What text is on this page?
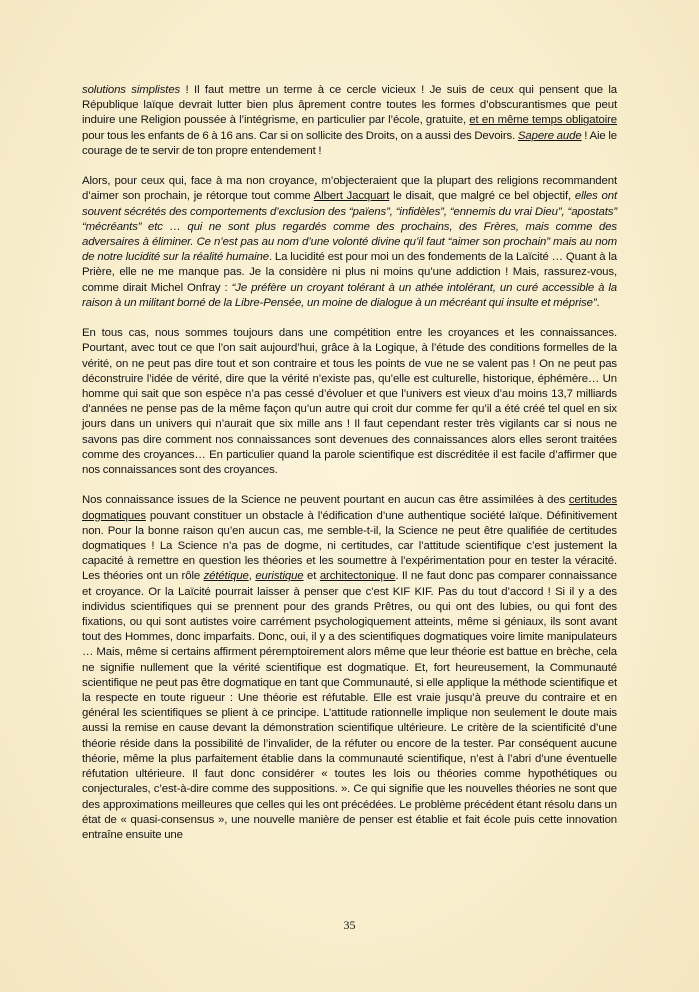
solutions simplistes ! Il faut mettre un terme à ce cercle vicieux ! Je suis de ceux qui pensent que la République laïque devrait lutter bien plus âprement contre toutes les formes d’obscurantismes que peut induire une Religion poussée à l’intégrisme, en particulier par l’école, gratuite, et en même temps obligatoire pour tous les enfants de 6 à 16 ans. Car si on sollicite des Droits, on a aussi des Devoirs. Sapere aude ! Aie le courage de te servir de ton propre entendement !

Alors, pour ceux qui, face à ma non croyance, m’objecteraient que la plupart des religions recommandent d’aimer son prochain, je rétorque tout comme Albert Jacquart le disait, que malgré ce bel objectif, elles ont souvent sécrétés des comportements d’exclusion des “païens”, “infidèles”, “ennemis du vrai Dieu”, “apostats” “mécréants” etc … qui ne sont plus regardés comme des prochains, des Frères, mais comme des adversaires à éliminer. Ce n’est pas au nom d’une volonté divine qu’il faut “aimer son prochain” mais au nom de notre lucidité sur la réalité humaine. La lucidité est pour moi un des fondements de la Laïcité … Quant à la Prière, elle ne me manque pas. Je la considère ni plus ni moins qu’une addiction ! Mais, rassurez-vous, comme dirait Michel Onfray : “Je préfère un croyant tolérant à un athée intolérant, un curé accessible à la raison à un militant borné de la Libre-Pensée, un moine de dialogue à un mécréant qui insulte et méprise”.

En tous cas, nous sommes toujours dans une compétition entre les croyances et les connaissances. Pourtant, avec tout ce que l’on sait aujourd’hui, grâce à la Logique, à l’étude des conditions formelles de la vérité, on ne peut pas dire tout et son contraire et tous les points de vue ne se valent pas ! On ne peut pas déconstruire l’idée de vérité, dire que la vérité n’existe pas, qu’elle est culturelle, historique, éphémère… Un homme qui sait que son espèce n’a pas cessé d’évoluer et que l’univers est vieux d’au moins 13,7 milliards d’années ne pense pas de la même façon qu’un autre qui croit dur comme fer qu’il a été créé tel quel en six jours dans un univers qui n’aurait que six mille ans ! Il faut cependant rester très vigilants car si nous ne savons pas dire comment nos connaissances sont devenues des connaissances alors elles seront traitées comme des croyances… En particulier quand la parole scientifique est discréditée il est facile d’affirmer que nos connaissances sont des croyances.

Nos connaissance issues de la Science ne peuvent pourtant en aucun cas être assimilées à des certitudes dogmatiques pouvant constituer un obstacle à l’édification d’une authentique société laïque. Définitivement non. Pour la bonne raison qu’en aucun cas, me semble-t-il, la Science ne peut être qualifiée de certitudes dogmatiques ! La Science n’a pas de dogme, ni certitudes, car l’attitude scientifique c’est justement la capacité à remettre en question les théories et les soumettre à l’expérimentation pour en tester la véracité. Les théories ont un rôle zététique, euristique et architectonique. Il ne faut donc pas comparer connaissance et croyance. Or la Laïcité pourrait laisser à penser que c’est KIF KIF. Pas du tout d’accord ! Si il y a des individus scientifiques qui se prennent pour des grands Prêtres, ou qui ont des lubies, ou qui font des fixations, ou qui sont autistes voire carrément psychologiquement atteints, même si géniaux, ils sont avant tout des Hommes, donc imparfaits. Donc, oui, il y a des scientifiques dogmatiques voire limite manipulateurs … Mais, même si certains affirment péremptoirement alors même que leur théorie est battue en brèche, cela ne signifie nullement que la vérité scientifique est dogmatique. Et, fort heureusement, la Communauté scientifique ne peut pas être dogmatique en tant que Communauté, si elle applique la méthode scientifique et la respecte en toute rigueur : Une théorie est réfutable. Elle est vraie jusqu’à preuve du contraire et en général les scientifiques se plient à ce principe. L’attitude rationnelle implique non seulement le doute mais aussi la remise en cause devant la démonstration scientifique ultérieure. Le critère de la scientificité d’une théorie réside dans la possibilité de l’invalider, de la réfuter ou encore de la tester. Par conséquent aucune théorie, même la plus parfaitement établie dans la communauté scientifique, n’est à l’abri d’une éventuelle réfutation ultérieure. Il faut donc considérer « toutes les lois ou théories comme hypothétiques ou conjecturales, c’est-à-dire comme des suppositions. ». Ce qui signifie que les nouvelles théories ne sont que des approximations meilleures que celles qui les ont précédées. Le problème précédent étant résolu dans un état de « quasi-consensus », une nouvelle manière de penser est établie et fait école puis cette innovation entraîne ensuite une

35
